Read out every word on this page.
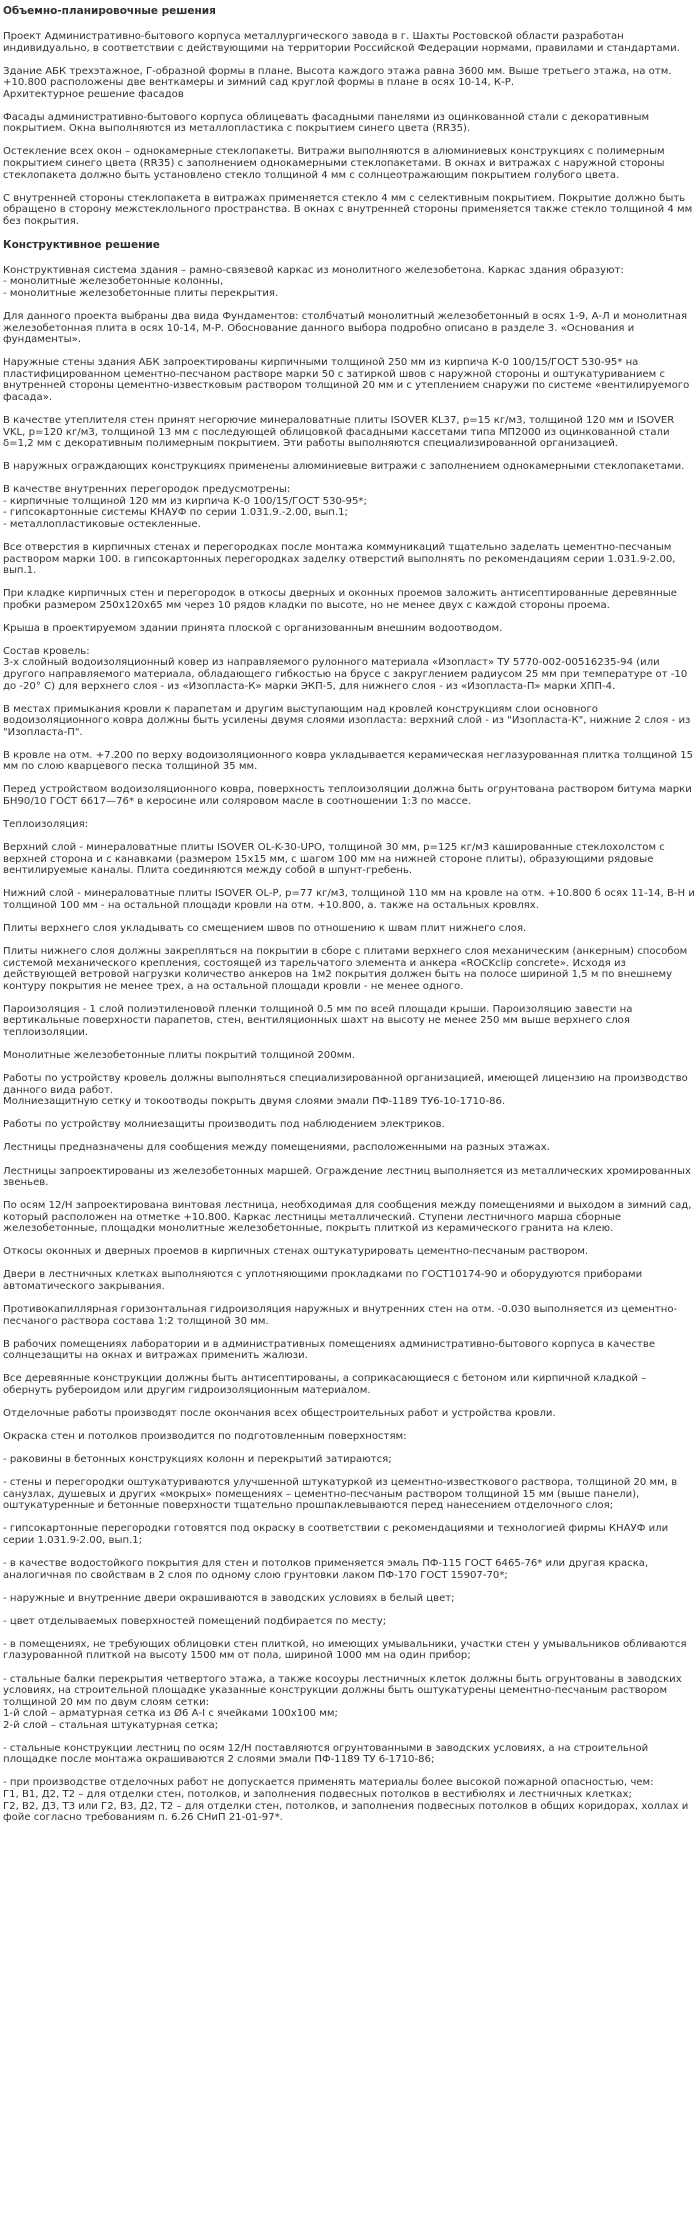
Объемно-планировочные решения
Проект Административно-бытового корпуса металлургического завода в г. Шахты Ростовской области разработан индивидуально, в соответствии с действующими на территории Российской Федерации нормами, правилами и стандартами.
Здание АБК трехэтажное, Г-образной формы в плане. Высота каждого этажа равна 3600 мм. Выше третьего этажа, на отм. +10.800 расположены две венткамеры и зимний сад круглой формы в плане в осях 10-14, К-Р.
Архитектурное решение фасадов
Фасады административно-бытового корпуса облицевать фасадными панелями из оцинкованной стали с декоративным покрытием. Окна выполняются из металлопластика с покрытием синего цвета (RR35).
Остекление всех окон – однокамерные стеклопакеты. Витражи выполняются в алюминиевых конструкциях с полимерным покрытием синего цвета (RR35) с заполнением однокамерными стеклопакетами. В окнах и витражах с наружной стороны стеклопакета должно быть установлено стекло толщиной 4 мм с солнцеотражающим покрытием голубого цвета.
С внутренней стороны стеклопакета в витражах применяется стекло 4 мм с селективным покрытием. Покрытие должно быть обращено в сторону межстеклольного пространства. В окнах с внутренней стороны применяется также стекло толщиной 4 мм без покрытия.
Конструктивное решение
Конструктивная система здания – рамно-связевой каркас из монолитного железобетона. Каркас здания образуют:
- монолитные железобетонные колонны,
- монолитные железобетонные плиты перекрытия.
Для данного проекта выбраны два вида Фундаментов: столбчатый монолитный железобетонный в осях 1-9, А-Л и монолитная железобетонная плита в осях 10-14, М-Р. Обоснование данного выбора подробно описано в разделе 3. «Основания и фундаменты».
Наружные стены здания АБК запроектированы кирпичными толщиной 250 мм из кирпича К-0 100/15/ГОСТ 530-95* на пластифицированном цементно-песчаном растворе марки 50 с затиркой швов с наружной стороны и оштукатуриванием с внутренней стороны цементно-известковым раствором толщиной 20 мм и с утеплением снаружи по системе «вентилируемого фасада».
В качестве утеплителя стен принят негорючие минераловатные плиты ISOVER KL37, p=15 кг/м3, толщиной 120 мм и ISOVER VKL, p=120 кг/м3, толщиной 13 мм с последующей облицовкой фасадными кассетами типа МП2000 из оцинкованной стали δ=1,2 мм с декоративным полимерным покрытием. Эти работы выполняются специализированной организацией.
В наружных ограждающих конструкциях применены алюминиевые витражи с заполнением однокамерными стеклопакетами.
В качестве внутренних перегородок предусмотрены:
- кирпичные толщиной 120 мм из кирпича К-0 100/15/ГОСТ 530-95*;
- гипсокартонные системы КНАУФ по серии 1.031.9.-2.00, вып.1;
- металлопластиковые остекленные.
Все отверстия в кирпичных стенах и перегородках после монтажа коммуникаций тщательно заделать цементно-песчаным раствором марки 100. в гипсокартонных перегородках заделку отверстий выполнять по рекомендациям серии 1.031.9-2.00, вып.1.
При кладке кирпичных стен и перегородок в откосы дверных и оконных проемов заложить антисептированные деревянные пробки размером 250х120х65 мм через 10 рядов кладки по высоте, но не менее двух с каждой стороны проема.
Крыша в проектируемом здании принята плоской с организованным внешним водоотводом.
Состав кровель:
3-х слойный водоизоляционный ковер из направляемого рулонного материала «Изопласт» ТУ 5770-002-00516235-94 (или другого направляемого материала, обладающего гибкостью на брусе с закруглением радиусом 25 мм при температуре от -10 до -20° С) для верхнего слоя - из «Изопласта-К» марки ЭКП-5, для нижнего слоя - из «Изопласта-П» марки ХПП-4.
В местах примыкания кровли к парапетам и другим выступающим над кровлей конструкциям слои основного водоизоляционного ковра должны быть усилены двумя слоями изопласта: верхний слой - из "Изопласта-К", нижние 2 слоя - из "Изопласта-П".
В кровле на отм. +7.200 по верху водоизоляционного ковра укладывается керамическая неглазурованная плитка толщиной 15 мм по слою кварцевого песка толщиной 35 мм.
Перед устройством водоизоляционного ковра, поверхность теплоизоляции должна быть огрунтована раствором битума марки БН90/10 ГОСТ 6617—76* в керосине или соляровом масле в соотношении 1:3 по массе.
Теплоизоляция:
Верхний слой - минераловатные плиты ISOVER OL-K-30-UPO, толщиной 30 мм, p=125 кг/м3 кашированные стеклохолстом с верхней сторона и с канавками (размером 15х15 мм, с шагом 100 мм на нижней стороне плиты), образующими рядовые вентилируемые каналы. Плита соединяются между собой в шпунт-гребень.
Нижний слой - минераловатные плиты ISOVER OL-P, p=77 кг/м3, толщиной 110 мм на кровле на отм. +10.800 б осях 11-14, В-Н и толщиной 100 мм - на остальной площади кровли на отм. +10.800, а. также на остальных кровлях.
Плиты верхнего слоя укладывать со смещением швов по отношению к швам плит нижнего слоя.
Плиты нижнего слоя должны закрепляться на покрытии в сборе с плитами верхнего слоя механическим (анкерным) способом системой механического крепления, состоящей из тарельчатого элемента и анкера «ROCKclip concrete». Исходя из действующей ветровой нагрузки количество анкеров на 1м2 покрытия должен быть на полосе шириной 1,5 м по внешнему контуру покрытия не менее трех, а на остальной площади кровли - не менее одного.
Пароизоляция - 1 слой полиэтиленовой пленки толщиной 0.5 мм по всей площади крыши. Пароизоляцию завести на вертикальные поверхности парапетов, стен, вентиляционных шахт на высоту не менее 250 мм выше верхнего слоя теплоизоляции.
Монолитные железобетонные плиты покрытий толщиной 200мм.
Работы по устройству кровель должны выполняться специализированной организацией, имеющей лицензию на производство данного вида работ.
Молниезащитную сетку и токоотводы покрыть двумя слоями эмали ПФ-1189 ТУ6-10-1710-86.
Работы по устройству молниезащиты производить под наблюдением электриков.
Лестницы предназначены для сообщения между помещениями, расположенными на разных этажах.
Лестницы запроектированы из железобетонных маршей. Ограждение лестниц выполняется из металлических хромированных звеньев.
По осям 12/Н запроектирована винтовая лестница, необходимая для сообщения между помещениями и выходом в зимний сад, который расположен на отметке +10.800. Каркас лестницы металлический. Ступени лестничного марша сборные железобетонные, площадки монолитные железобетонные, покрыть плиткой из керамического гранита на клею.
Откосы оконных и дверных проемов в кирпичных стенах оштукатурировать цементно-песчаным раствором.
Двери в лестничных клетках выполняются с уплотняющими прокладками по ГОСТ10174-90 и оборудуются приборами автоматического закрывания.
Противокапиллярная горизонтальная гидроизоляция наружных и внутренних стен на отм. -0.030 выполняется из цементно-песчаного раствора состава 1:2 толщиной 30 мм.
В рабочих помещениях лаборатории и в административных помещениях административно-бытового корпуса в качестве солнцезащиты на окнах и витражах применить жалюзи.
Все деревянные конструкции должны быть антисептированы, а соприкасающиеся с бетоном или кирпичной кладкой – обернуть рубероидом или другим гидроизоляционным материалом.
Отделочные работы производят после окончания всех общестроительных работ и устройства кровли.
Окраска стен и потолков производится по подготовленным поверхностям:
- раковины в бетонных конструкциях колонн и перекрытий затираются;
- стены и перегородки оштукатуриваются улучшенной штукатуркой из цементно-известкового раствора, толщиной 20 мм, в санузлах, душевых и других «мокрых» помещениях – цементно-песчаным раствором толщиной 15 мм (выше панели), оштукатуренные и бетонные поверхности тщательно прошпаклевываются перед нанесением отделочного слоя;
- гипсокартонные перегородки готовятся под окраску в соответствии с рекомендациями и технологией фирмы КНАУФ или серии 1.031.9-2.00, вып.1;
- в качестве водостойкого покрытия для стен и потолков применяется эмаль ПФ-115 ГОСТ 6465-76* или другая краска, аналогичная по свойствам в 2 слоя по одному слою грунтовки лаком ПФ-170 ГОСТ 15907-70*;
- наружные и внутренние двери окрашиваются в заводских условиях в белый цвет;
- цвет отделываемых поверхностей помещений подбирается по месту;
- в помещениях, не требующих облицовки стен плиткой, но имеющих умывальники, участки стен у умывальников обливаются глазурованной плиткой на высоту 1500 мм от пола, шириной 1000 мм на один прибор;
- стальные балки перекрытия четвертого этажа, а также косоуры лестничных клеток должны быть огрунтованы в заводских условиях, на строительной площадке указанные конструкции должны быть оштукатурены цементно-песчаным раствором толщиной 20 мм по двум слоям сетки:
1-й слой – арматурная сетка из Ø6 А-I с ячейками 100х100 мм;
2-й слой – стальная штукатурная сетка;
- стальные конструкции лестниц по осям 12/Н поставляются огрунтованными в заводских условиях, а на строительной площадке после монтажа окрашиваются 2 слоями эмали ПФ-1189 ТУ 6-1710-86;
- при производстве отделочных работ не допускается применять материалы более высокой пожарной опасностью, чем:
Г1, В1, Д2, Т2 – для отделки стен, потолков, и заполнения подвесных потолков в вестибюлях и лестничных клетках;
Г2, В2, Д3, Т3 или Г2, В3, Д2, Т2 – для отделки стен, потолков, и заполнения подвесных потолков в общих коридорах, холлах и фойе согласно требованиям п. 6.26 СНиП 21-01-97*.
